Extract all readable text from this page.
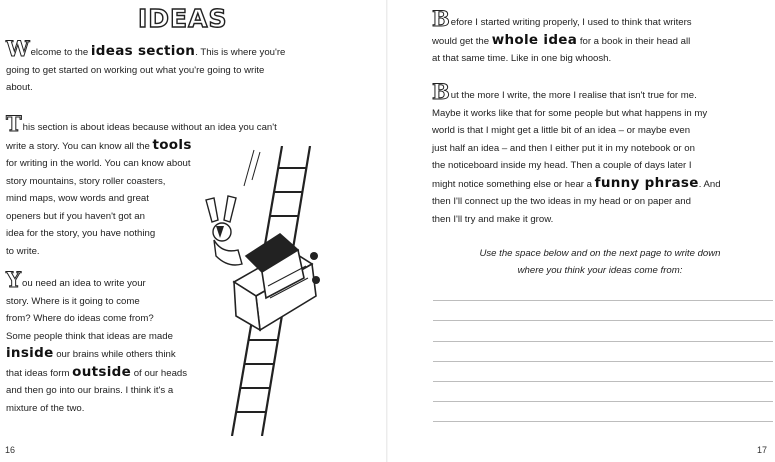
IDEAS
Welcome to the ideas section. This is where you're
going to get started on working out what you're going to write
about.
This section is about ideas because without an idea you can't
write a story. You can know all the tools
for writing in the world. You can know about
story mountains, story roller coasters,
mind maps, wow words and great
openers but if you haven't got an
idea for the story, you have nothing
to write.
You need an idea to write your
story. Where is it going to come
from? Where do ideas come from?
Some people think that ideas are made
inside our brains while others think
that ideas form outside of our heads
and then go into our brains. I think it's a
mixture of the two.
16
Before I started writing properly, I used to think that writers
would get the whole idea for a book in their head all
at that same time. Like in one big whoosh.
But the more I write, the more I realise that isn't true for me.
Maybe it works like that for some people but what happens in my
world is that I might get a little bit of an idea – or maybe even
just half an idea – and then I either put it in my notebook or on
the noticeboard inside my head. Then a couple of days later I
might notice something else or hear a funny phrase. And
then I'll connect up the two ideas in my head or on paper and
then I'll try and make it grow.
Use the space below and on the next page to write down
where you think your ideas come from:
17
